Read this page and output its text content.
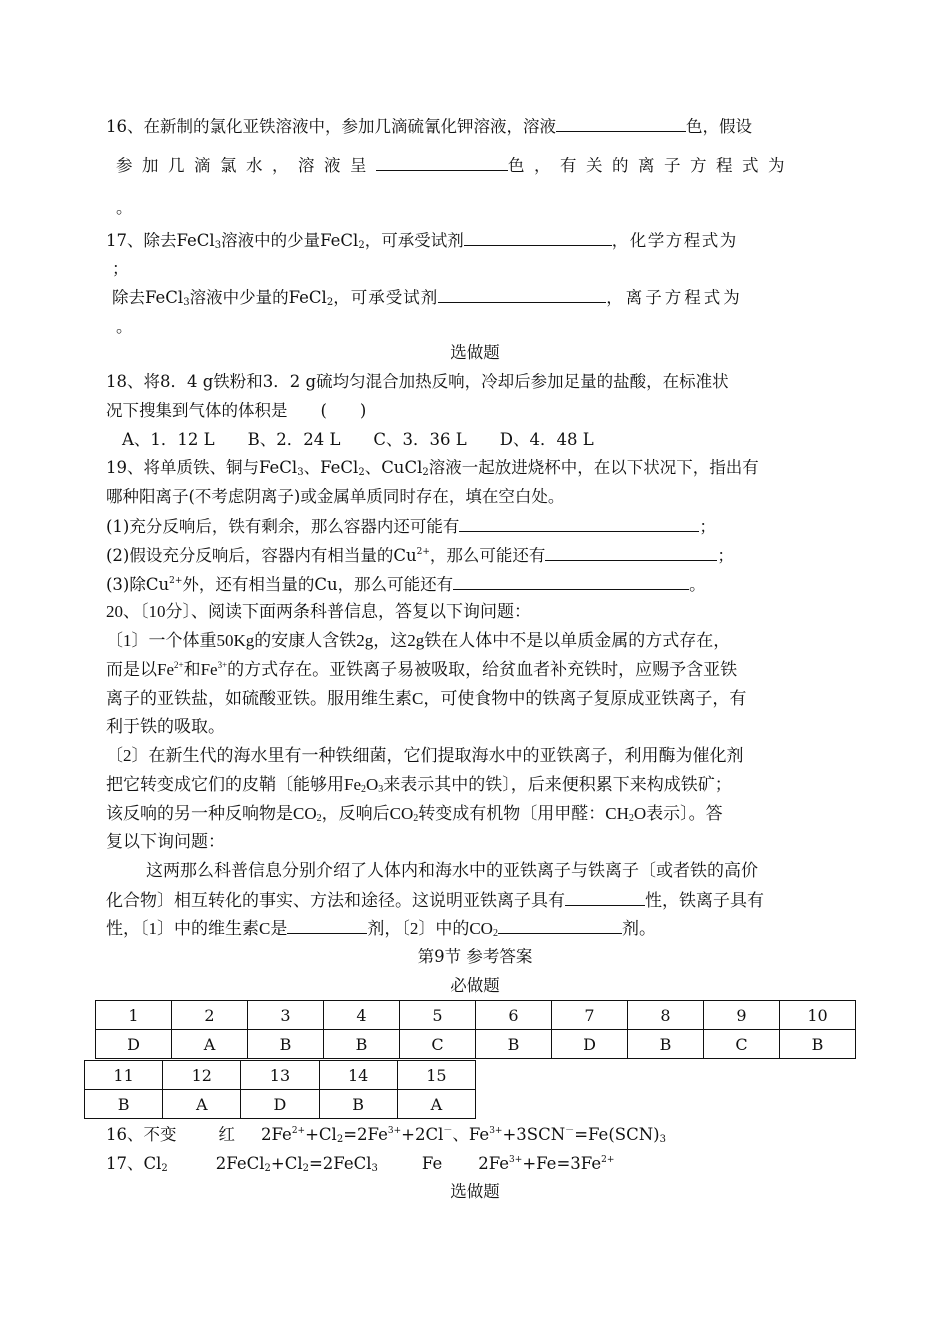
16、在新制的氯化亚铁溶液中，参加几滴硫氰化钾溶液，溶液	色，假设
参加几滴氯水，溶液呈	色，有关的离子方程式为
。
17、除去FeCl$_3$溶液中的少量FeCl$_2$，可承受试剂	，化学方程式为
；
除去FeCl$_3$溶液中少量的FeCl$_2$，可承受试剂	，离子方程式为
。
选做题
18、将8．4 g铁粉和3．2 g硫均匀混合加热反响，冷却后参加足量的盐酸，在标准状
况下搜集到气体的体积是　　(　　)
A、1．12 L　　B、2．24 L　　C、3．36 L　　D、4．48 L
19、将单质铁、铜与FeCl$_3$、FeCl$_2$、CuCl$_2$溶液一起放进烧杯中，在以下状况下，指出有
哪种阳离子(不考虑阴离子)或金属单质同时存在，填在空白处。
(1)充分反响后，铁有剩余，那么容器内还可能有	；
(2)假设充分反响后，容器内有相当量的$Cu^{2+}$，那么可能还有	；
(3)除$Cu^{2+}$外，还有相当量的Cu，那么可能还有	。
20、〔10分〕、阅读下面两条科普信息，答复以下询问题：
〔1〕一个体重50Kg的安康人含铁2g，这2g铁在人体中不是以单质金属的方式存在，
而是以$Fe^{2+}$和$Fe^{3+}$的方式存在。亚铁离子易被吸取，给贫血者补充铁时，应赐予含亚铁
离子的亚铁盐，如硫酸亚铁。服用维生素C，可使食物中的铁离子复原成亚铁离子，有
利于铁的吸取。
〔2〕在新生代的海水里有一种铁细菌，它们提取海水中的亚铁离子，利用酶为催化剂
把它转变成它们的皮鞘〔能够用$Fe_2O_3$来表示其中的铁〕，后来便积累下来构成铁矿；
该反响的另一种反响物是$CO_2$，反响后$CO_2$转变成有机物〔用甲醛：$CH_2O$表示〕。答
复以下询问题：
这两那么科普信息分别介绍了人体内和海水中的亚铁离子与铁离子〔或者铁的高价
化合物〕相互转化的事实、方法和途径。这说明亚铁离子具有	性，铁离子具有
性，〔1〕中的维生素C是	剂，〔2〕中的$CO_2$	剂。
第9节 参考答案
必做题
1	2	3	4	5	6	7	8	9	10
D	A	B	B	C	B	D	B	C	B
11	12	13	14	15
B	A	D	B	A
16、不变	红 $2Fe^{2+}+Cl_2=2Fe^{3+}+2Cl^-$、$Fe^{3+}+3SCN^-=Fe(SCN)_3$
17、$Cl_2$	$2FeCl_2+Cl_2=2FeCl_3$	Fe $2Fe^{3+}+Fe=3Fe^{2+}$
选做题
